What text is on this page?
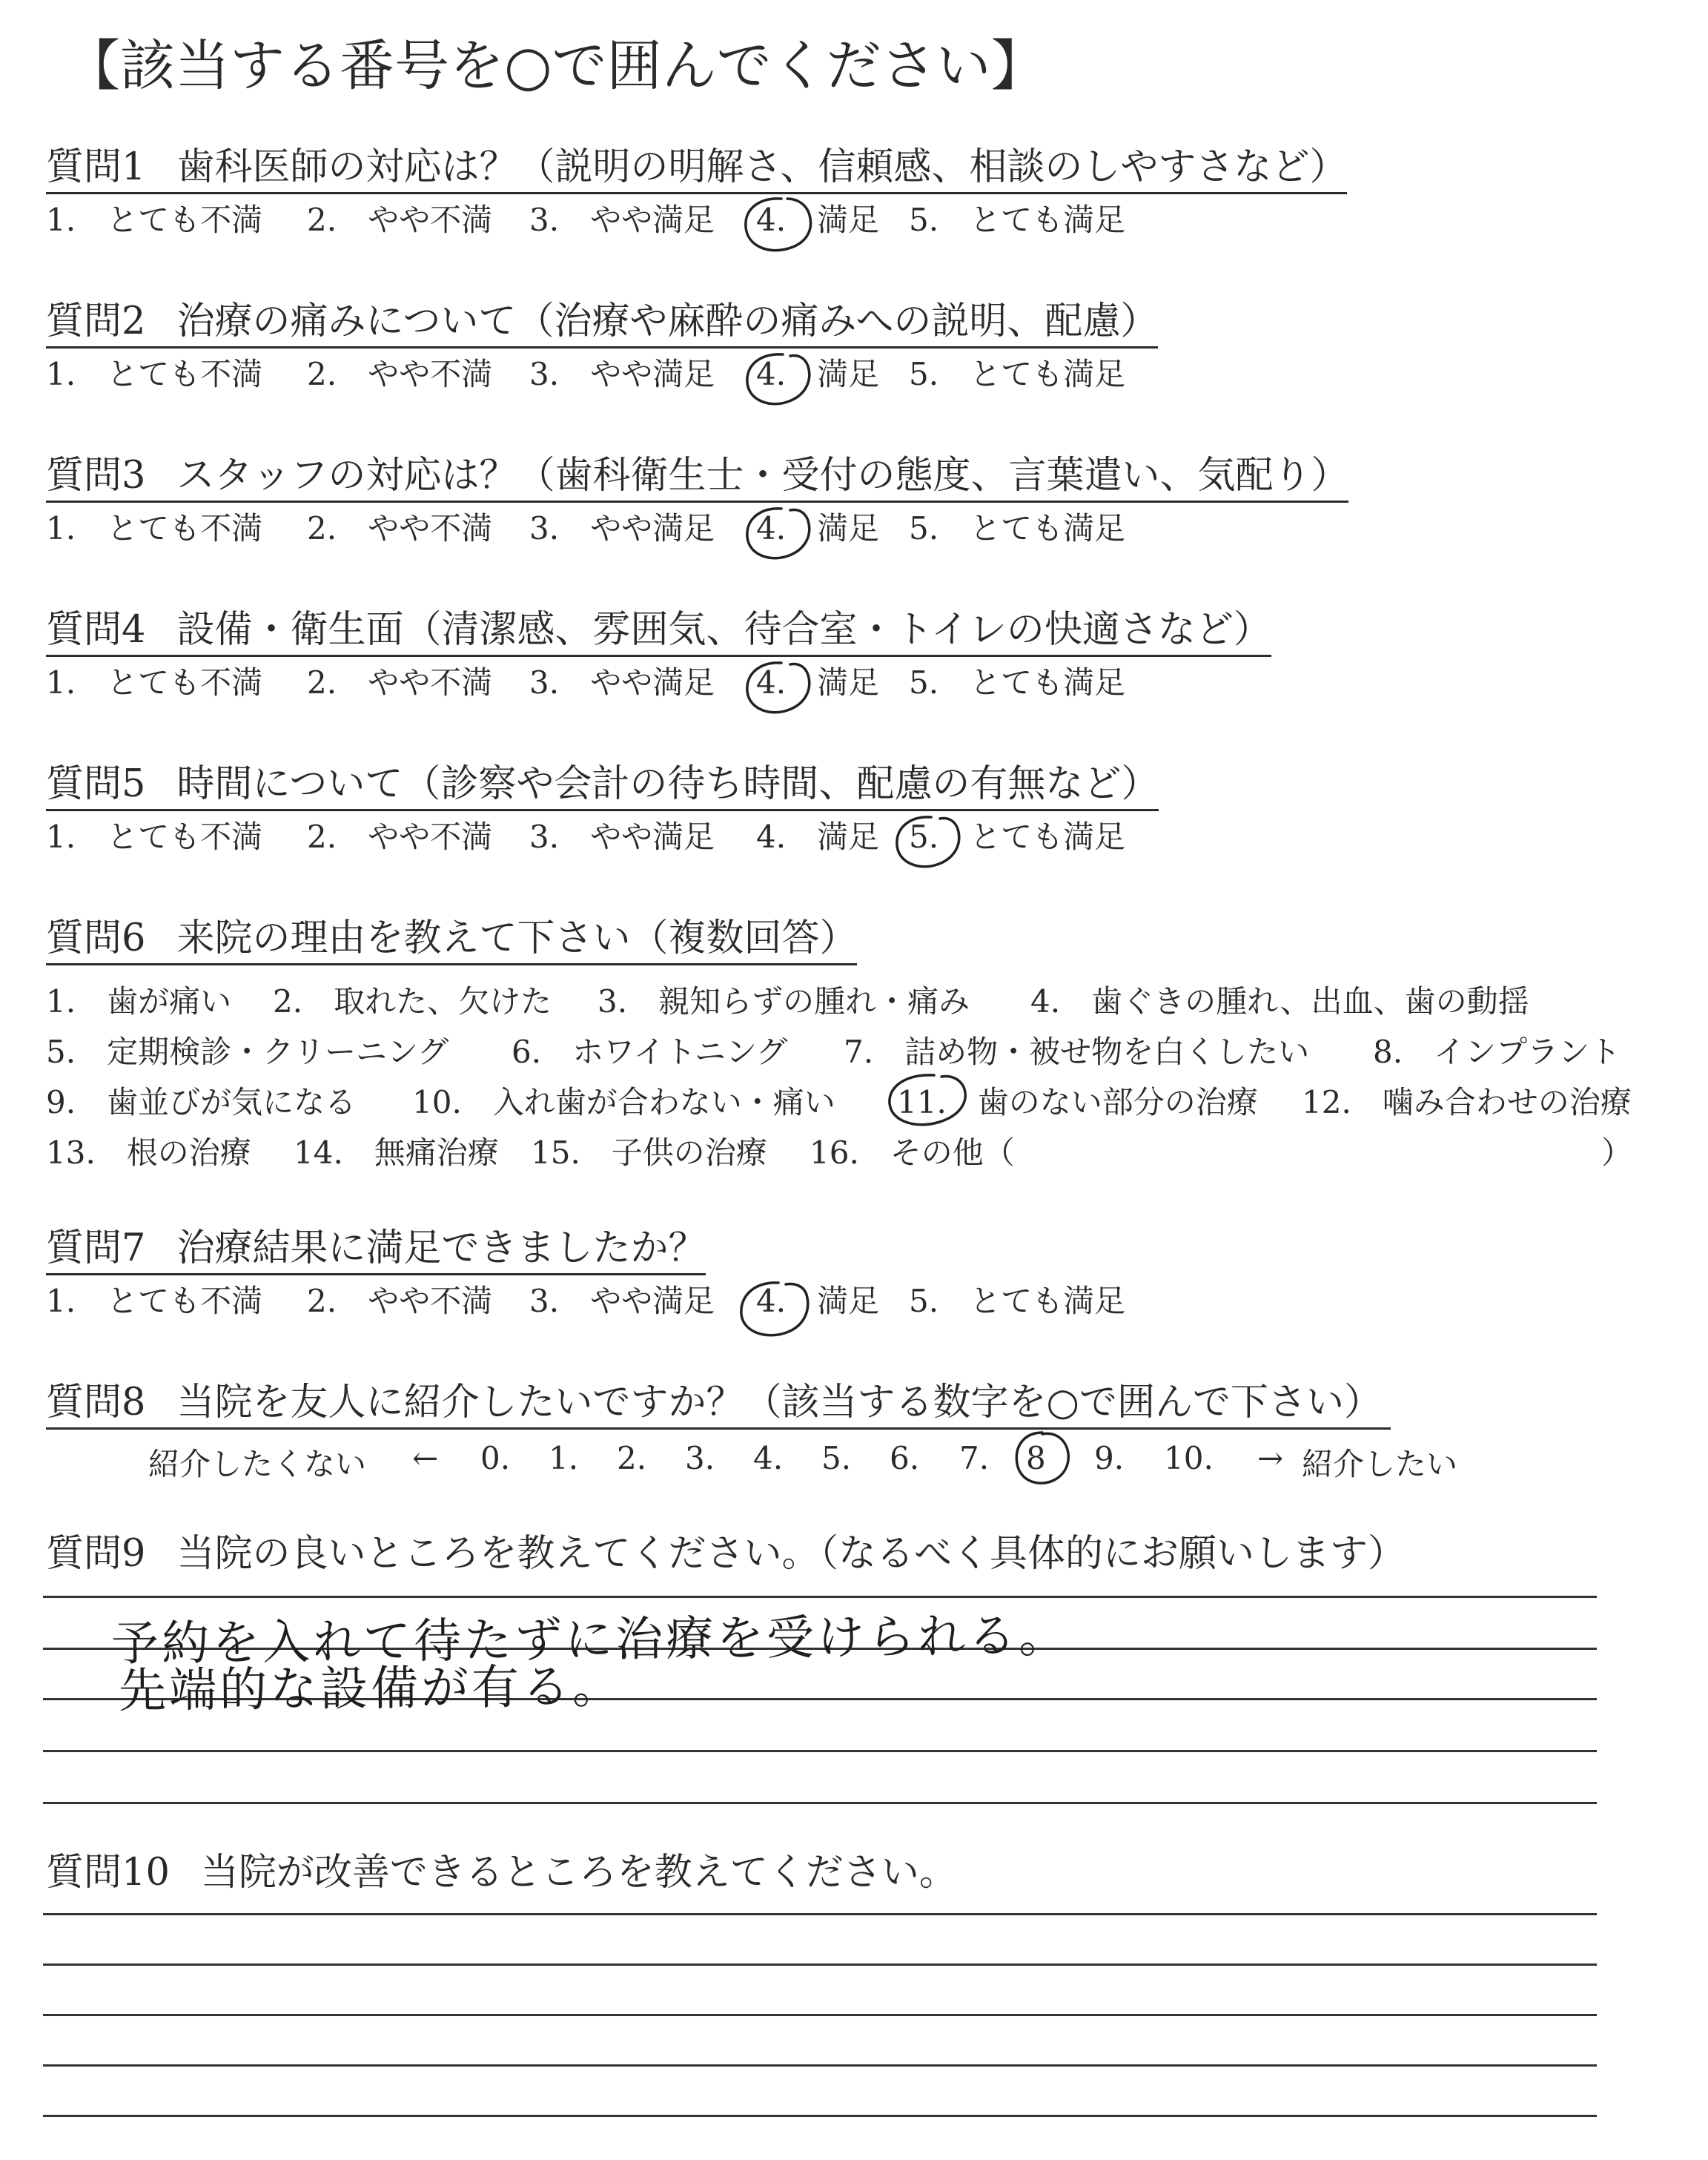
【該当する番号を○で囲んでください】
質問1 歯科医師の対応は？（説明の明解さ、信頼感、相談のしやすさなど）
1.　とても不満 2.　やや不満 3.　やや満足 4.　満足 5.　とても満足
質問2 治療の痛みについて（治療や麻酔の痛みへの説明、配慮）
1.　とても不満 2.　やや不満 3.　やや満足 4.　満足 5.　とても満足
質問3 スタッフの対応は？（歯科衛生士・受付の態度、言葉遣い、気配り）
1.　とても不満 2.　やや不満 3.　やや満足 4.　満足 5.　とても満足
質問4 設備・衛生面（清潔感、雰囲気、待合室・トイレの快適さなど）
1.　とても不満 2.　やや不満 3.　やや満足 4.　満足 5.　とても満足
質問5 時間について（診察や会計の待ち時間、配慮の有無など）
1.　とても不満 2.　やや不満 3.　やや満足 4.　満足 5.　とても満足
質問6 来院の理由を教えて下さい（複数回答）
1.　歯が痛い 2.　取れた、欠けた 3.　親知らずの腫れ・痛み 4.　歯ぐきの腫れ、出血、歯の動揺
5.　定期検診・クリーニング 6.　ホワイトニング 7.　詰め物・被せ物を白くしたい 8.　インプラント
9.　歯並びが気になる 10.　入れ歯が合わない・痛い 11.　歯のない部分の治療 12.　噛み合わせの治療
13.　根の治療 14.　無痛治療 15.　子供の治療 16.　その他（	）
質問7 治療結果に満足できましたか？
1.　とても不満 2.　やや不満 3.　やや満足 4.　満足 5.　とても満足
質問8 当院を友人に紹介したいですか？（該当する数字を○で囲んで下さい）
紹介したくない ← 0. 1. 2. 3. 4. 5. 6. 7. 8 9. 10. → 紹介したい
質問9 当院の良いところを教えてください。（なるべく具体的にお願いします）
予約を入れて待たずに治療を受けられる。
先端的な設備が有る。
質問10 当院が改善できるところを教えてください。
